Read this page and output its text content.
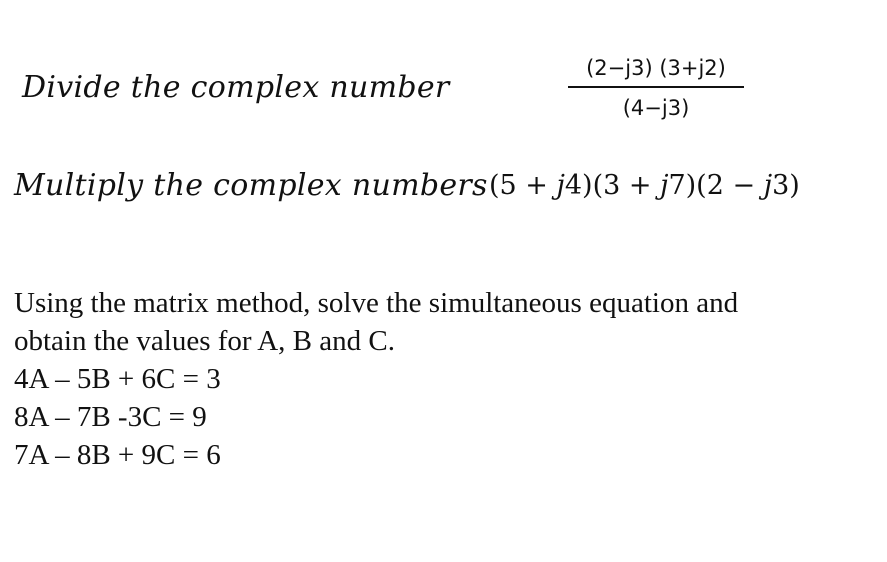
Divide the complex number
(2−j3) (3+j2)
(4−j3)
Multiply the complex numbers (5 + j4)(3 + j7)(2 − j3)
Using the matrix method, solve the simultaneous equation and
obtain the values for A, B and C.
4A – 5B + 6C = 3
8A – 7B -3C = 9
7A – 8B + 9C = 6
